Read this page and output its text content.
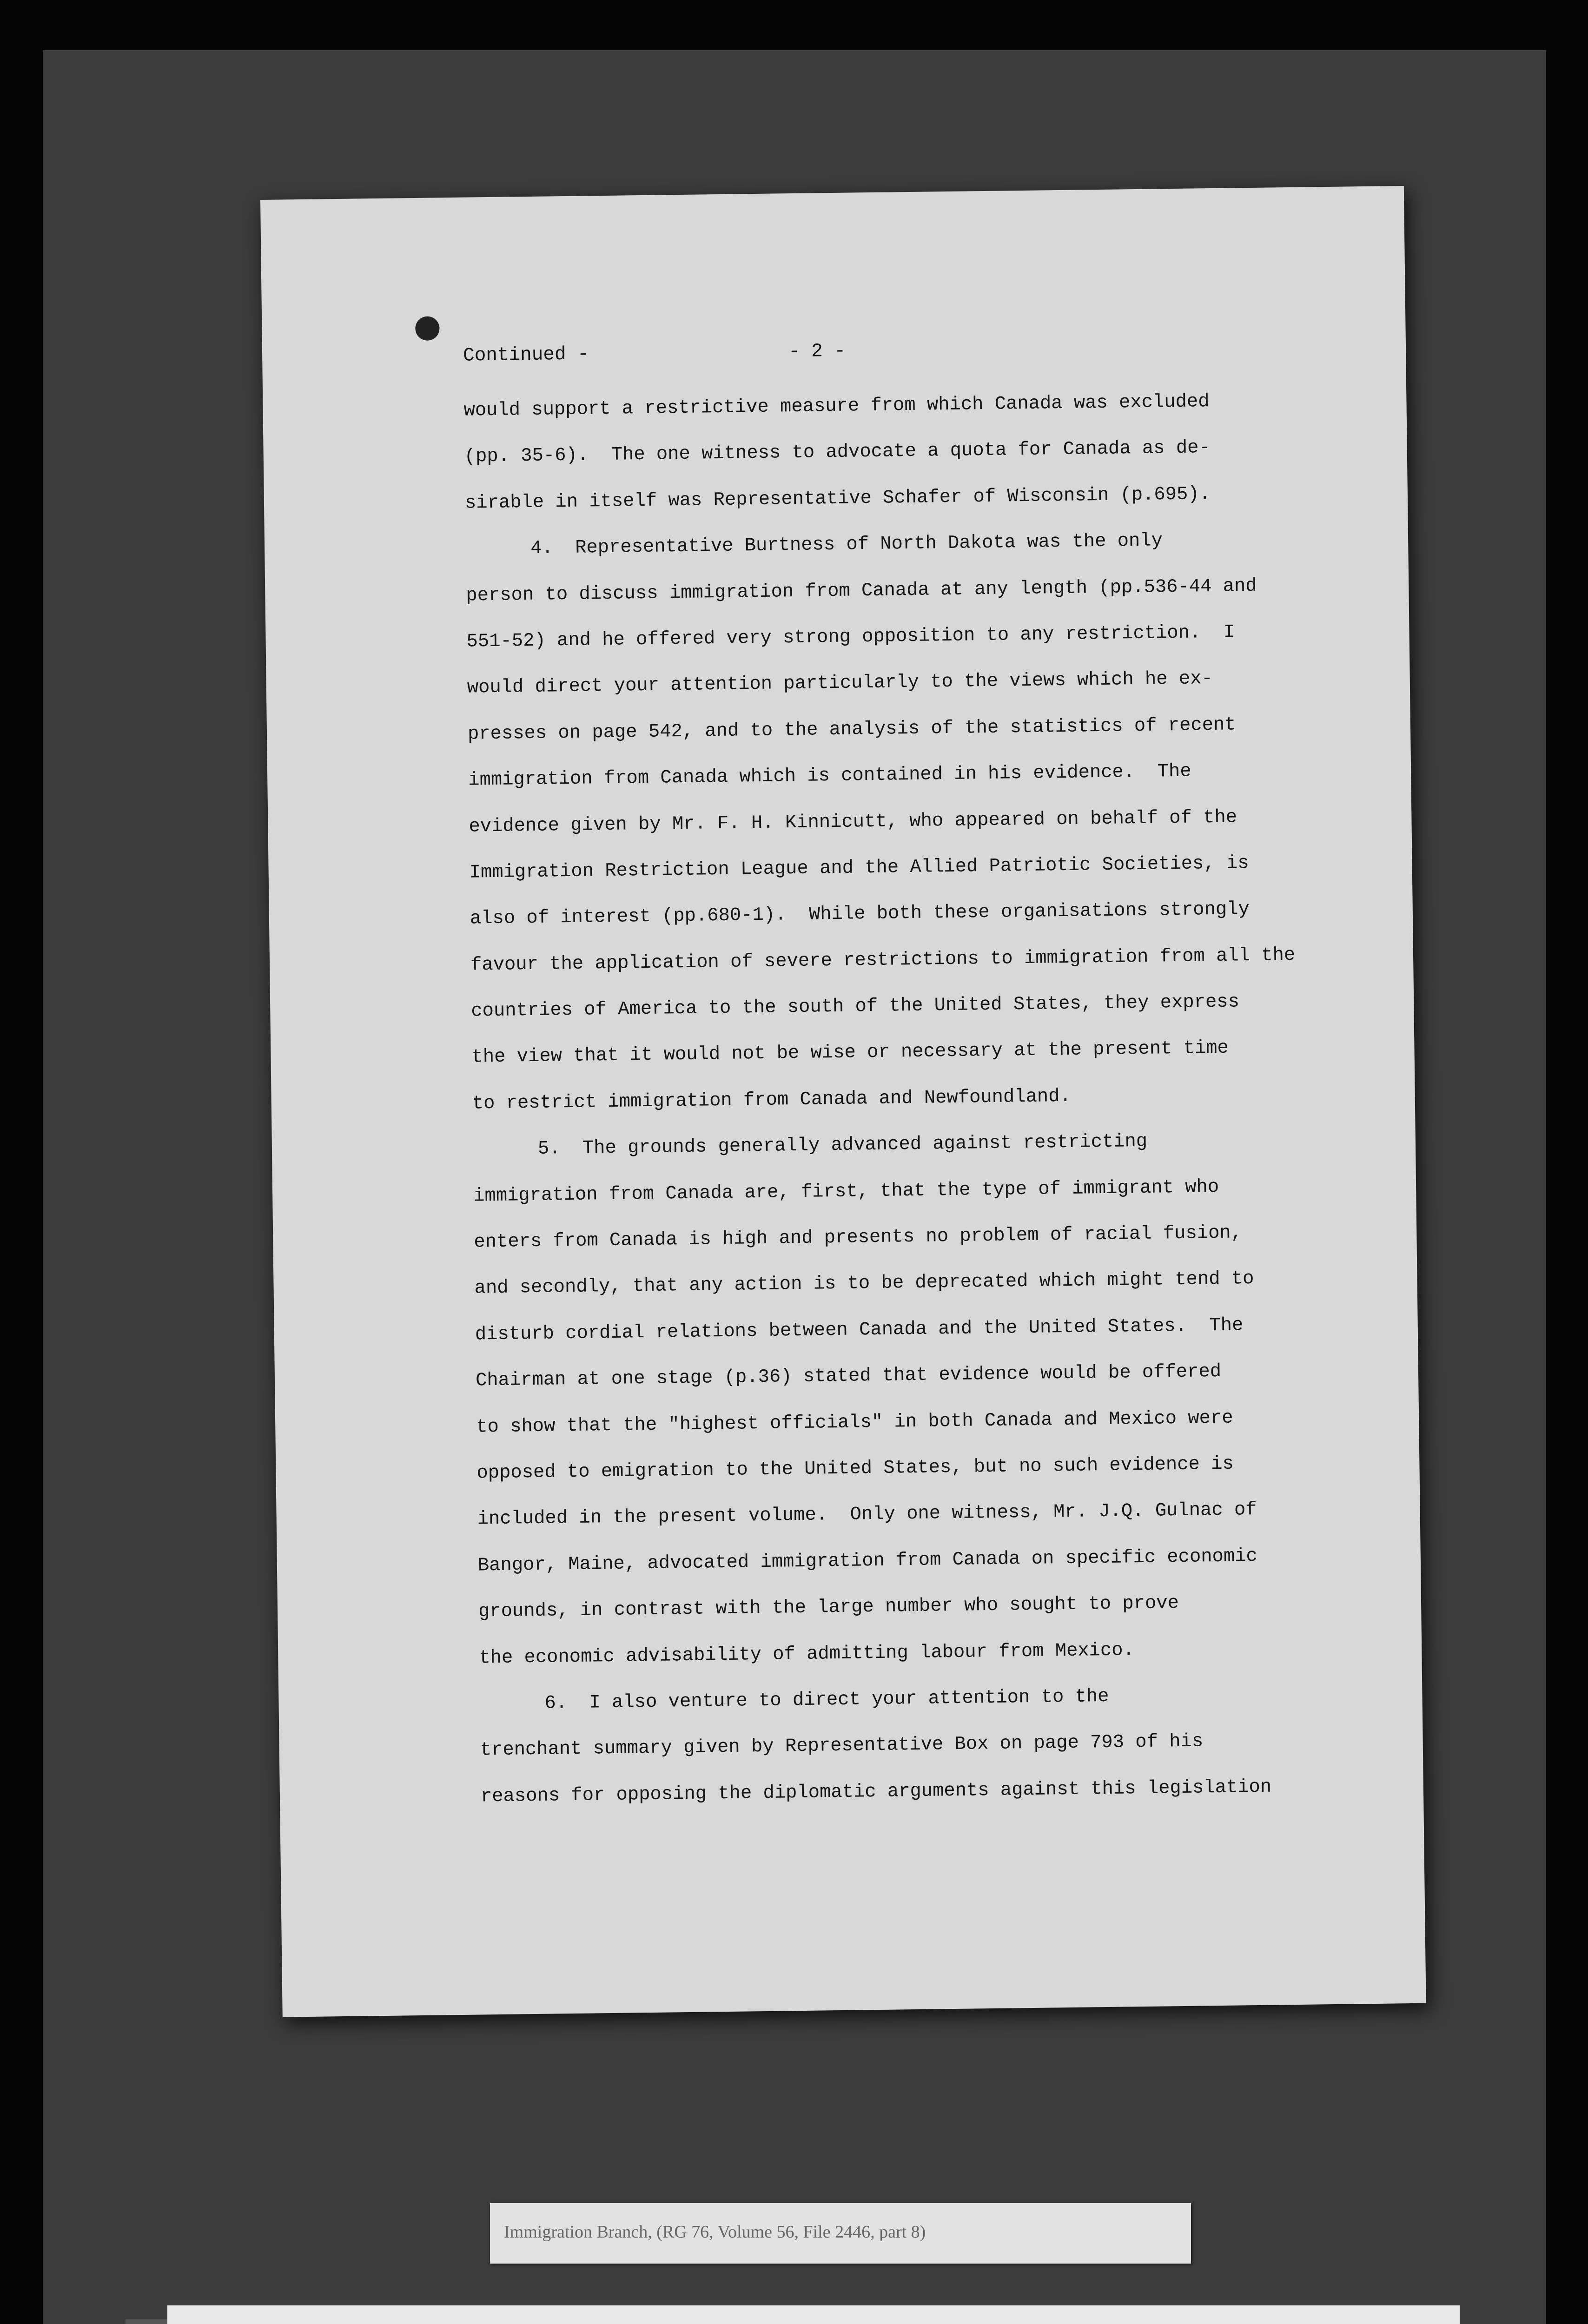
Continued -

	- 2 -

would support a restrictive measure from which Canada was excluded
(pp. 35-6).  The one witness to advocate a quota for Canada as de-
sirable in itself was Representative Schafer of Wisconsin (p.695).
4. Representative Burtness of North Dakota was the only
person to discuss immigration from Canada at any length (pp.536-44 and
551-52) and he offered very strong opposition to any restriction.  I
would direct your attention particularly to the views which he ex-
presses on page 542, and to the analysis of the statistics of recent
immigration from Canada which is contained in his evidence.  The
evidence given by Mr. F. H. Kinnicutt, who appeared on behalf of the
Immigration Restriction League and the Allied Patriotic Societies, is
also of interest (pp.680-1).  While both these organisations strongly
favour the application of severe restrictions to immigration from all the
countries of America to the south of the United States, they express
the view that it would not be wise or necessary at the present time
to restrict immigration from Canada and Newfoundland.
5. The grounds generally advanced against restricting
immigration from Canada are, first, that the type of immigrant who
enters from Canada is high and presents no problem of racial fusion,
and secondly, that any action is to be deprecated which might tend to
disturb cordial relations between Canada and the United States.  The
Chairman at one stage (p.36) stated that evidence would be offered
to show that the "highest officials" in both Canada and Mexico were
opposed to emigration to the United States, but no such evidence is
included in the present volume.  Only one witness, Mr. J.Q. Gulnac of
Bangor, Maine, advocated immigration from Canada on specific economic
grounds, in contrast with the large number who sought to prove
the economic advisability of admitting labour from Mexico.
6. I also venture to direct your attention to the
trenchant summary given by Representative Box on page 793 of his
reasons for opposing the diplomatic arguments against this legislation
Immigration Branch, (RG 76, Volume 56, File 2446, part 8)
